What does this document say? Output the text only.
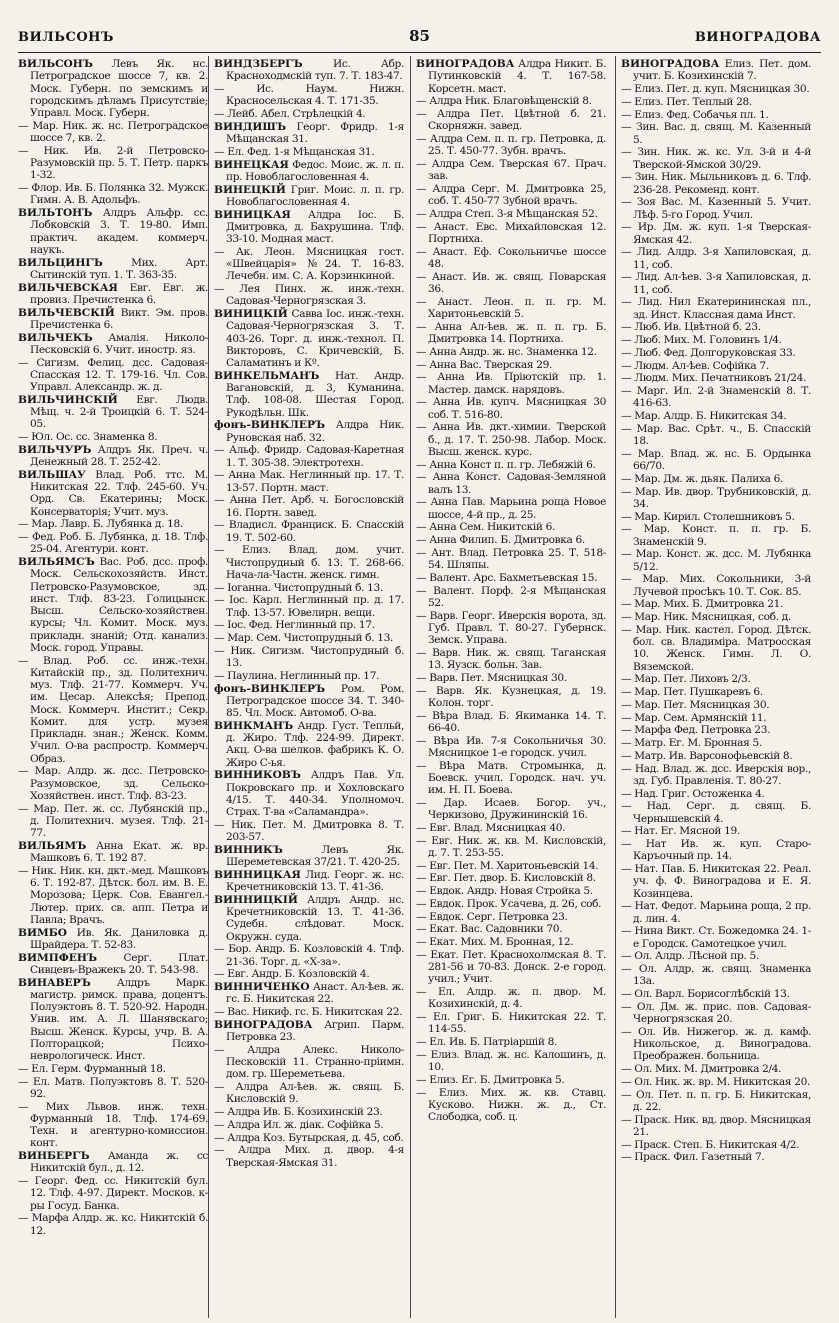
ВИЛЬСОНЪ	85	ВИНОГРАДОВА
ВИЛЬСОНЪ Левъ Як. нс. Петроградское шоссе 7, кв. 2. Моск. Губерн. по земскимъ и городскимъ дѣламъ Присутствіе; Управл. Моск. Губерн.
— Мар. Ник. ж. нс. Петроградское шоссе 7, кв. 2.
— Ник. Ив. 2-й Петровско-Разумовскій пр. 5. Т. Петр. паркъ 1-32.
— Флор. Ив. Б. Полянка 32. Мужск. Гимн. А. В. Адольфъ.
ВИЛЬТОНЪ Алдръ Альфр. сс. Лобковскій 3. Т. 19-80. Имп. практич. академ. коммерч. наукъ.
ВИЛЬЦИНГЪ Мих. Арт. Сытинскій туп. 1. Т. 363-35.
ВИЛЬЧЕВСКАЯ Евг. Евг. ж. провиз. Пречистенка 6.
ВИЛЬЧЕВСКІЙ Викт. Эм. пров. Пречистенка 6.
ВИЛЬЧЕКЪ Амалія. Николо-Песковскій 6. Учит. иностр. яз.
— Сигизм. Фелиц. дсс. Садовая-Спасская 12. Т. 179-16. Чл. Сов. Управл. Александр. ж. д.
ВИЛЬЧИНСКІЙ Евг. Людв. Мѣщ. ч. 2-й Троицкій 6. Т. 524-05.
— Юл. Ос. сс. Знаменка 8.
ВИЛЬЧУРЪ Алдръ Як. Преч. ч. Денежный 28. Т. 252-42.
ВИЛЬШАУ Влад. Роб. ттс. М. Никитская 22. Тлф. 245-60. Уч. Орд. Св. Екатерины; Моск. Консерваторія; Учит. муз.
— Мар. Лавр. Б. Лубянка д. 18.
— Фед. Роб. Б. Лубянка, д. 18. Тлф. 25-04. Агентури. конт.
ВИЛЬЯМСЪ Вас. Роб. дсс. проф. Моск. Сельскохозяйств. Инст. Петровско-Разумовское, зд. инст. Тлф. 83-23. Голицынск. Высш. Сельско-хозяйствен. курсы; Чл. Комит. Моск. муз. прикладн. знаній; Отд. канализ. Моск. город. Управы.
— Влад. Роб. сс. инж.-техн. Китайскій пр., зд. Политехнич. муз. Тлф. 21-77. Коммерч. Уч. им. Цесар. Алексѣя; Препод. Моск. Коммерч. Инстит.; Секр. Комит. для устр. музея Прикладн. знан.; Женск. Комм. Учил. О-ва распростр. Коммерч. Образ.
— Мар. Алдр. ж. дсс. Петровско-Разумовское, зд. Сельско-Хозяйствен. инст. Тлф. 83-23.
— Мар. Пет. ж. сс. Лубянскій пр., д. Политехнич. музея. Тлф. 21-77.
ВИЛЬЯМЪ Анна Екат. ж. вр. Машковъ 6. Т. 192 87.
— Ник. Ник. кн. дкт.-мед. Машковъ 6. Т. 192-87. Дѣтск. бол. им. В. Е. Морозова; Церк. Сов. Евангел.-Лютер. прих. св. апп. Петра и Павла; Врачъ.
ВИМБО Ив. Як. Даниловка д. Шрайдера. Т. 52-83.
ВИМПФЕНЪ Серг. Плат. Сивцевъ-Вражекъ 20. Т. 543-98.
ВИНАВЕРЪ Алдръ Марк. магистр. римск. права, доцентъ. Полуэктовъ 8. Т. 520-92. Народн. Унив. им. А. Л. Шанявскаго; Высш. Женск. Курсы, учр. В. А. Полторацкой; Психо-неврологическ. Инст.
— Ел. Герм. Фурманный 18.
— Ел. Матв. Полуэктовъ 8. Т. 520-92.
— Мих Львов. инж. техн. Фурманный 18. Тлф. 174-69. Техн. и агентурно-комиссион. конт.
ВИНБЕРГЪ Аманда ж. сс Никитскій бул., д. 12.
— Георг. Фед. сс. Никитскій бул. 12. Тлф. 4-97. Директ. Москов. к-ры Госуд. Банка.
— Марфа Алдр. ж. кс. Никитскій б. 12.
ВИНДЗБЕРГЪ Ис. Абр. Красноходмскій туп. 7. Т. 183-47.
— Ис. Наум. Нижн. Красносельская 4. Т. 171-35.
— Лейб. Абел. Стрѣлецкій 4.
ВИНДИШЪ Георг. Фридр. 1-я Мѣщанская 31.
— Ел. Фед. 1-я Мѣщанская 31.
ВИНЕЦКАЯ Федос. Моис. ж. л. п. пр. Новоблагословенная 4.
ВИНЕЦКІЙ Григ. Моис. л. п. гр. Новоблагословенная 4.
ВИНИЦКАЯ Алдра Іос. Б. Дмитровка, д. Бахрушина. Тлф. 33-10. Модная маст.
— Ак. Леон. Мясницкая гост. «Швейцарія» №24. Т. 16-83. Лечебн. им. С. А. Корзинкиной.
— Лея Пинх. ж. инж.-техн. Садовая-Черногрязская 3.
ВИНИЦКІЙ Савва Іос. инж.-техн. Садовая-Черногрязская 3. Т. 403-26. Торг. д. инж.-технол. П. Викторовъ, С. Кричевскій, Б. Саламатинъ и Кº.
ВИНКЕЛЬМАНЪ Нат. Андр. Вагановскій, д. 3, Куманина. Тлф. 108-08. Шестая Город. Рукодѣльн. Шк.
фонъ-ВИНКЛЕРЪ Алдра Ник. Руновская наб. 32.
— Альф. Фридр. Садовая-Каретная 1. Т. 305-38. Электротехн.
— Анна Мак. Неглинный пр. 17. Т. 13-57. Портн. маст.
— Анна Пет. Арб. ч. Богословскій 16. Портн. завед.
— Владисл. Франциск. Б. Спасскій 19. Т. 502-60.
— Елиз. Влад. дом. учит. Чистопрудный б. 13. Т. 268-66. Нача-ла-Частн. женск. гимн.
— Іоганна. Чистопрудный б. 13.
— Іос. Карл. Неглинный пр. д. 17. Тлф. 13-57. Ювелирн. вещи.
— Іос. Фед. Неглинный пр. 17.
— Мар. Сем. Чистопрудный б. 13.
— Ник. Сигизм. Чистопрудный б. 13.
— Паулина. Неглинный пр. 17.
фонъ-ВИНКЛЕРЪ Ром. Ром. Петроградское шоссе 34. Т. 340-85. Чл. Моск. Автомоб. О-ва.
ВИНКМАНЪ Андр. Густ. Тепльй, д. Жиро. Тлф. 224-99. Директ. Акц. О-ва шелков. фабрикъ К. О. Жиро С-ья.
ВИННИКОВЪ Алдръ Пав. Ул. Покровскаго пр. и Хохловскаго 4/15. Т. 440-34. Уполномоч. Страх. Т-ва «Саламандра».
— Ник. Пет. М. Дмитровка 8. Т. 203-57.
ВИННИКЪ Левъ Як. Шереметевская 37/21. Т. 420-25.
ВИННИЦКАЯ Лид. Георг. ж. нс. Кречетниковскій 13. Т. 41-36.
ВИННИЦКІЙ Алдръ Андр. нс. Кречетниковскій 13. Т. 41-36. Судебн. слѣдоват. Моск. Окружн. суда.
— Бор. Андр. Б. Козловскій 4. Тлф. 21-36. Торг. д. «Х-за».
— Евг. Андр. Б. Козловскій 4.
ВИННИЧЕНКО Анаст. Ал-ѣев. ж. гс. Б. Никитская 22.
— Вас. Никиф. гс. Б. Никитская 22.
ВИНОГРАДОВА Агрип. Парм. Петровка 23.
— Алдра Алекс. Николо-Песковскій 11. Странно-пріимн. дом. гр. Шереметьева.
— Алдра Ал-ѣев. ж. свящ. Б. Кисловскій 9.
— Алдра Ив. Б. Козихинскій 23.
— Алдра Ил. ж. діак. Софійка 5.
— Алдра Коз. Бутырская, д. 45, соб.
— Алдра Мих. д. двор. 4-я Тверская-Ямская 31.
ВИНОГРАДОВА Алдра Никит. Б. Путинковскій 4. Т. 167-58. Корсетн. маст.
— Алдра Ник. Благовѣщенскій 8.
— Алдра Пет. Цвѣтной б. 21. Скорняжн. завед.
— Алдра Сем. п. п. гр. Петровка, д. 25. Т. 450-77. Зубн. врачъ.
— Алдра Сем. Тверская 67. Прач. зав.
— Алдра Серг. М. Дмитровка 25, соб. Т. 450-77 Зубной врачъ.
— Алдра Степ. 3-я Мѣщанская 52.
— Анаст. Евс. Михайловская 12. Портниха.
— Анаст. Еф. Сокольничье шоссе 48.
— Анаст. Ив. ж. свящ. Поварская 36.
— Анаст. Леон. п. п. гр. М. Харитоньевскій 5.
— Анна Ал-ѣев. ж. п. п. гр. Б. Дмитровка 14. Портниха.
— Анна Андр. ж. нс. Знаменка 12.
— Анна Вас. Тверская 29.
— Анна Ив. Пріютскій пр. 1. Мастер. дамск. нарядовъ.
— Анна Ив. купч. Мясницкая 30 соб. Т. 516-80.
— Анна Ив. дкт.-химии. Тверской б., д. 17. Т. 250-98. Лабор. Моск. Высш. женск. курс.
— Анна Конст п. п. гр. Лебяжій 6.
— Анна Конст. Садовая-Земляной валъ 13.
— Анна Пав. Марьина роща Новое шоссе, 4-й пр., д. 25.
— Анна Сем. Никитскій 6.
— Анна Филип. Б. Дмитровка 6.
— Ант. Влад. Петровка 25. Т. 518-54. Шляпы.
— Валент. Арс. Бахметьевская 15.
— Валент. Порф. 2-я Мѣщанская 52.
— Варв. Георг. Иверскія ворота, зд. Губ. Правл. Т. 80-27. Губернск. Земск. Управа.
— Варв. Ник. ж. свящ. Таганская 13. Яузск. больн. Зав.
— Варв. Пет. Мясницкая 30.
— Варв. Як. Кузнецкая, д. 19. Колон. торг.
— Вѣра Влад. Б. Якиманка 14. Т. 66-40.
— Вѣра Ив. 7-я Сокольничья 30. Мясницкое 1-е городск. учил.
— Вѣра Матв. Стромынка, д. Боевск. учил. Городск. нач. уч. им. Н. П. Боева.
— Дар. Исаев. Богор. уч., Черкизово, Дружининскій 16.
— Евг. Влад. Мясницкая 40.
— Евг. Ник. ж. кв. М. Кисловскій, д. 7. Т. 253-55.
— Евг. Пет. М. Харитоньевскій 14.
— Евг. Пет. двор. Б. Кисловскій 8.
— Евдок. Андр. Новая Стройка 5.
— Евдок. Прок. Усачева, д. 26, соб.
— Евдок. Серг. Петровка 23.
— Екат. Вас. Садовники 70.
— Екат. Мих. М. Бронная, 12.
— Екат. Пет. Краснохолмская 8. Т. 281-56 и 70-83. Донск. 2-е город. учил.; Учит.
— Ел. Алдр. ж. п. двор. М. Козихинскій, д. 4.
— Ел. Григ. Б. Никитская 22. Т. 114-55.
— Ел. Ив. Б. Патріаршій 8.
— Елиз. Влад. ж. нс. Калошинъ, д. 10.
— Елиз. Ег. Б. Дмитровка 5.
— Елиз. Мих. ж. кв. Ставц. Кусково. Нижн. ж. д., Ст. Слободка, соб. ц.
ВИНОГРАДОВА Елиз. Пет. дом. учит. Б. Козихинскій 7.
— Елиз. Пет. д. куп. Мясницкая 30.
— Елиз. Пет. Теплый 28.
— Елиз. Фед. Собачья пл. 1.
— Зин. Вас. д. свящ. М. Казенный 5.
— Зин. Ник. ж. кс. Ул. 3-й и 4-й Тверской-Ямской 30/29.
— Зин. Ник. Мыльниковъ д. 6. Тлф. 236-28. Рекоменд. конт.
— Зоя Вас. М. Казенный 5. Учит. Лѣф. 5-го Город. Учил.
— Ир. Дм. ж. куп. 1-я Тверская-Ямская 42.
— Лид. Алдр. 3-я Хапиловская, д. 11, соб.
— Лид. Ал-ѣев. 3-я Хапиловская, д. 11, соб.
— Лид. Нил Екатерининская пл., зд. Инст. Классная дама Инст.
— Люб. Ив. Цвѣтной б. 23.
— Люб. Мих. М. Головинъ 1/4.
— Люб. Фед. Долгоруковская 33.
— Людм. Ал-ѣев. Софійка 7.
— Людм. Мих. Печатниковъ 21/24.
— Марг. Ил. 2-й Знаменскій 8. Т. 416-63.
— Мар. Алдр. Б. Никитская 34.
— Мар. Вас. Срѣт. ч., Б. Спасскій 18.
— Мар. Влад. ж. нс. Б. Ордынка 66/70.
— Мар. Дм. ж. дьяк. Палиха 6.
— Мар. Ив. двор. Трубниковскій, д. 34.
— Мар. Кирил. Столешниковъ 5.
— Мар. Конст. п. п. гр. Б. Знаменскій 9.
— Мар. Конст. ж. дсс. М. Лубянка 5/12.
— Мар. Мих. Сокольники, 3-й Лучевой просѣкъ 10. Т. Сок. 85.
— Мар. Мих. Б. Дмитровка 21.
— Мар. Ник. Мясницкая, соб. д.
— Мар. Ник. кастел. Город. Дѣтск. бол. св. Владиміра. Матросская 10. Женск. Гимн. Л. О. Вяземской.
— Мар. Пет. Лиховъ 2/3.
— Мар. Пет. Пушкаревъ 6.
— Мар. Пет. Мясницкая 30.
— Мар. Сем. Армянскій 11.
— Марфа Фед. Петровка 23.
— Матр. Ег. М. Бронная 5.
— Матр. Ив. Варсонофьевскій 8.
— Над. Влад. ж. дсс. Иверскія вор., зд. Губ. Правленія. Т. 80-27.
— Над. Григ. Остоженка 4.
— Над. Серг. д. свящ. Б. Чернышевскій 4.
— Нат. Ег. Мясной 19.
— Нат Ив. ж. куп. Старо-Каръочный пр. 14.
— Нат. Пав. Б. Никитская 22. Реал. уч. ф. Ф. Виноградова и Е. Я. Козинцева.
— Нат. Федот. Марьина роща, 2 пр. д. лин. 4.
— Нина Викт. Ст. Божедомка 24. 1-е Городск. Самотецкое учил.
— Ол. Алдр. Лѣсной пр. 5.
— Ол. Алдр. ж. свящ. Знаменка 13а.
— Ол. Варл. Борисоглѣбскій 13.
— Ол. Дм. ж. прис. пов. Садовая-Черногрязская 20.
— Ол. Ив. Нижегор. ж. д. камф. Никольское, д. Виноградова. Преображен. больница.
— Ол. Мих. М. Дмитровка 2/4.
— Ол. Ник. ж. вр. М. Никитская 20.
— Ол. Пет. п. п. гр. Б. Никитская, д. 22.
— Праск. Ник. вд. двор. Мясницкая 21.
— Праск. Степ. Б. Никитская 4/2.
— Праск. Фил. Газетный 7.
